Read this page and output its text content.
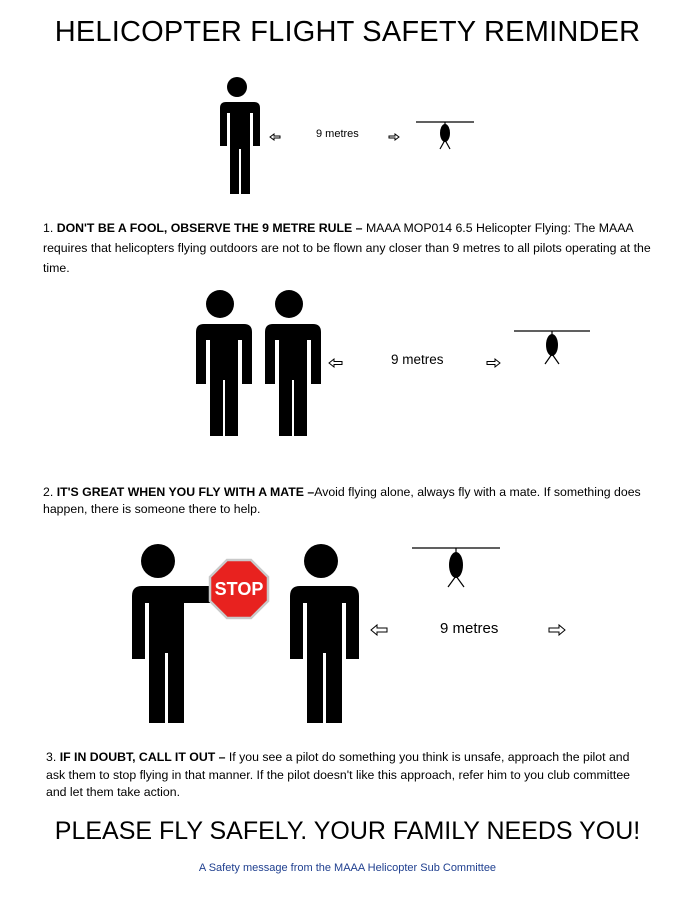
HELICOPTER FLIGHT SAFETY REMINDER
9 metres
1. DON'T BE A FOOL, OBSERVE THE 9 METRE RULE – MAAA MOP014 6.5 Helicopter Flying: The MAAA requires that helicopters flying outdoors are not to be flown any closer than 9 metres to all pilots operating at the time.
9 metres
2. IT'S GREAT WHEN YOU FLY WITH A MATE –Avoid flying alone, always fly with a mate. If something does happen, there is someone there to help.
STOP
9 metres
3. IF IN DOUBT, CALL IT OUT – If you see a pilot do something you think is unsafe, approach the pilot and ask them to stop flying in that manner. If the pilot doesn't like this approach, refer him to you club committee and let them take action.
PLEASE FLY SAFELY. YOUR FAMILY NEEDS YOU!
A Safety message from the MAAA Helicopter Sub Committee
